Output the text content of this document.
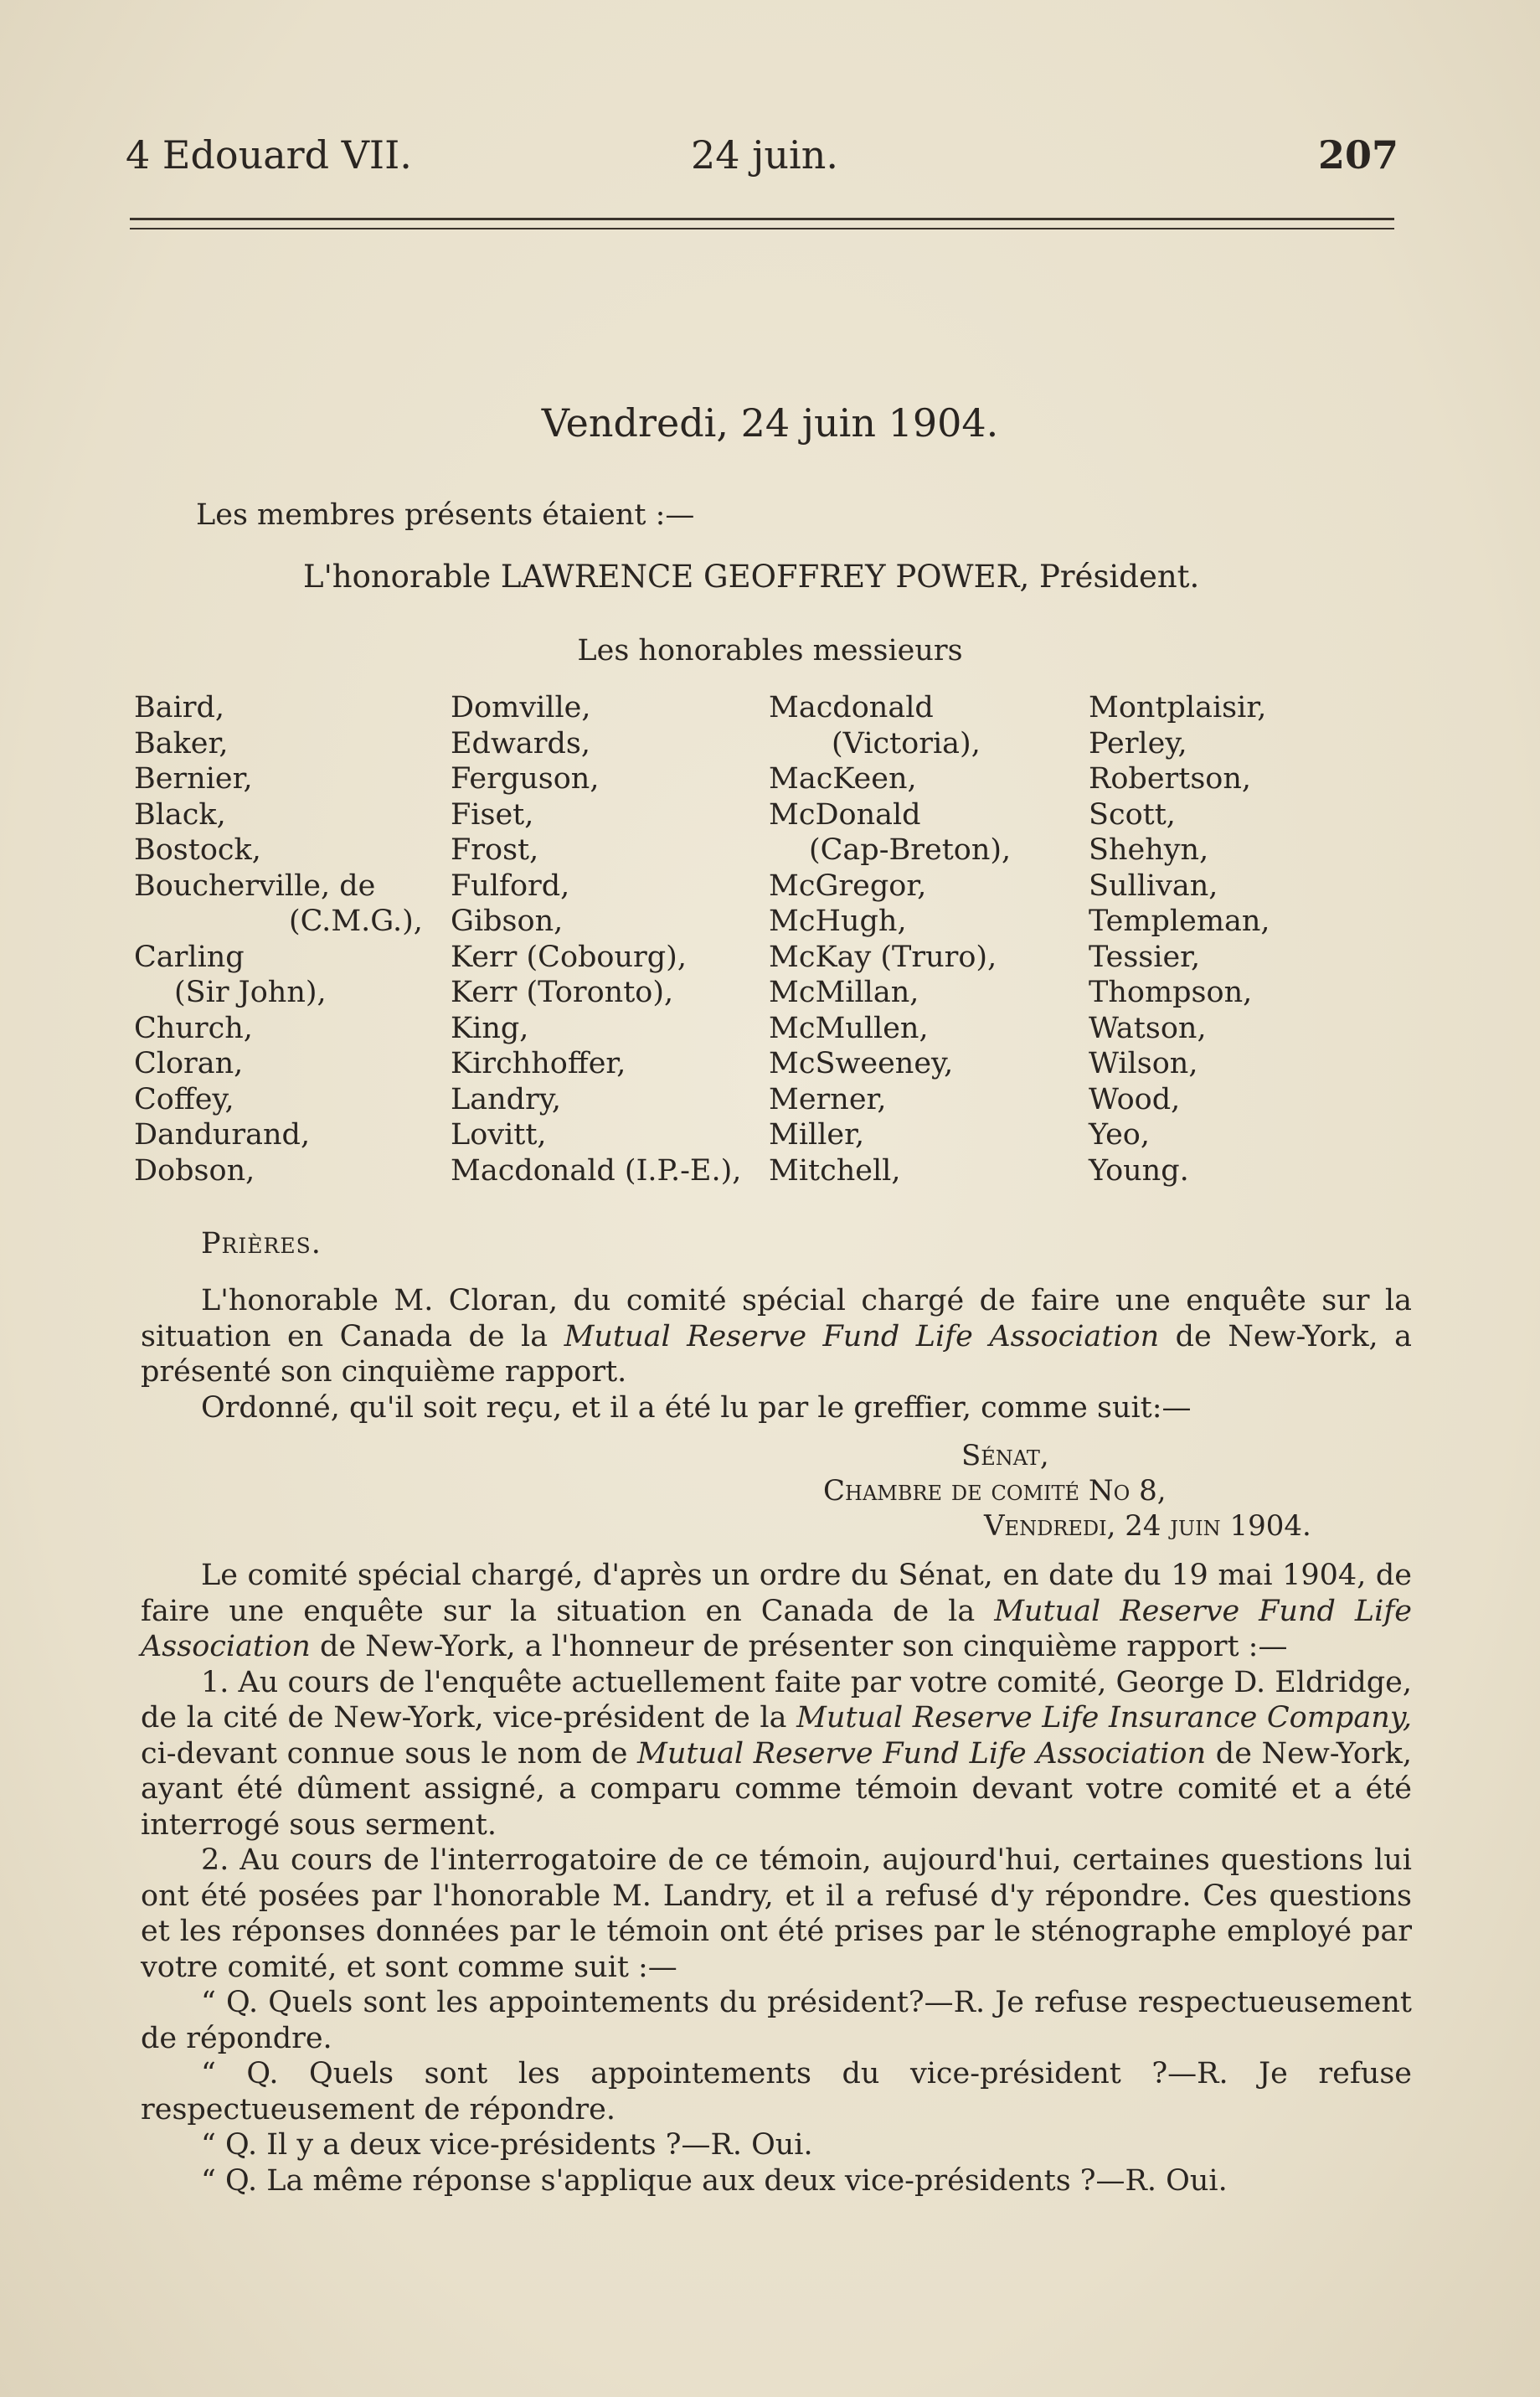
4 Edouard VII.	24 juin.	207
Vendredi, 24 juin 1904.
Les membres présents étaient :—
L'honorable LAWRENCE GEOFFREY POWER, Président.
Les honorables messieurs
Baird,
Baker,
Bernier,
Black,
Bostock,
Boucherville, de
(C.M.G.),
Carling
(Sir John),
Church,
Cloran,
Coffey,
Dandurand,
Dobson,
Domville,
Edwards,
Ferguson,
Fiset,
Frost,
Fulford,
Gibson,
Kerr (Cobourg),
Kerr (Toronto),
King,
Kirchhoffer,
Landry,
Lovitt,
Macdonald (I.P.-E.),
Macdonald
(Victoria),
MacKeen,
McDonald
(Cap-Breton),
McGregor,
McHugh,
McKay (Truro),
McMillan,
McMullen,
McSweeney,
Merner,
Miller,
Mitchell,
Montplaisir,
Perley,
Robertson,
Scott,
Shehyn,
Sullivan,
Templeman,
Tessier,
Thompson,
Watson,
Wilson,
Wood,
Yeo,
Young.
Prières.

L'honorable M. Cloran, du comité spécial chargé de faire une enquête sur la situation en Canada de la Mutual Reserve Fund Life Association de New-York, a présenté son cinquième rapport.

Ordonné, qu'il soit reçu, et il a été lu par le greffier, comme suit:—

Sénat,
Chambre de comité No 8,
Vendredi, 24 juin 1904.

Le comité spécial chargé, d'après un ordre du Sénat, en date du 19 mai 1904, de faire une enquête sur la situation en Canada de la Mutual Reserve Fund Life Association de New-York, a l'honneur de présenter son cinquième rapport :—

1. Au cours de l'enquête actuellement faite par votre comité, George D. Eldridge, de la cité de New-York, vice-président de la Mutual Reserve Life Insurance Company, ci-devant connue sous le nom de Mutual Reserve Fund Life Association de New-York, ayant été dûment assigné, a comparu comme témoin devant votre comité et a été interrogé sous serment.

2. Au cours de l'interrogatoire de ce témoin, aujourd'hui, certaines questions lui ont été posées par l'honorable M. Landry, et il a refusé d'y répondre. Ces questions et les réponses données par le témoin ont été prises par le sténographe employé par votre comité, et sont comme suit :—

“ Q. Quels sont les appointements du président?—R. Je refuse respectueusement de répondre.

“ Q. Quels sont les appointements du vice-président ?—R. Je refuse respectueusement de répondre.

“ Q. Il y a deux vice-présidents ?—R. Oui.

“ Q. La même réponse s'applique aux deux vice-présidents ?—R. Oui.
